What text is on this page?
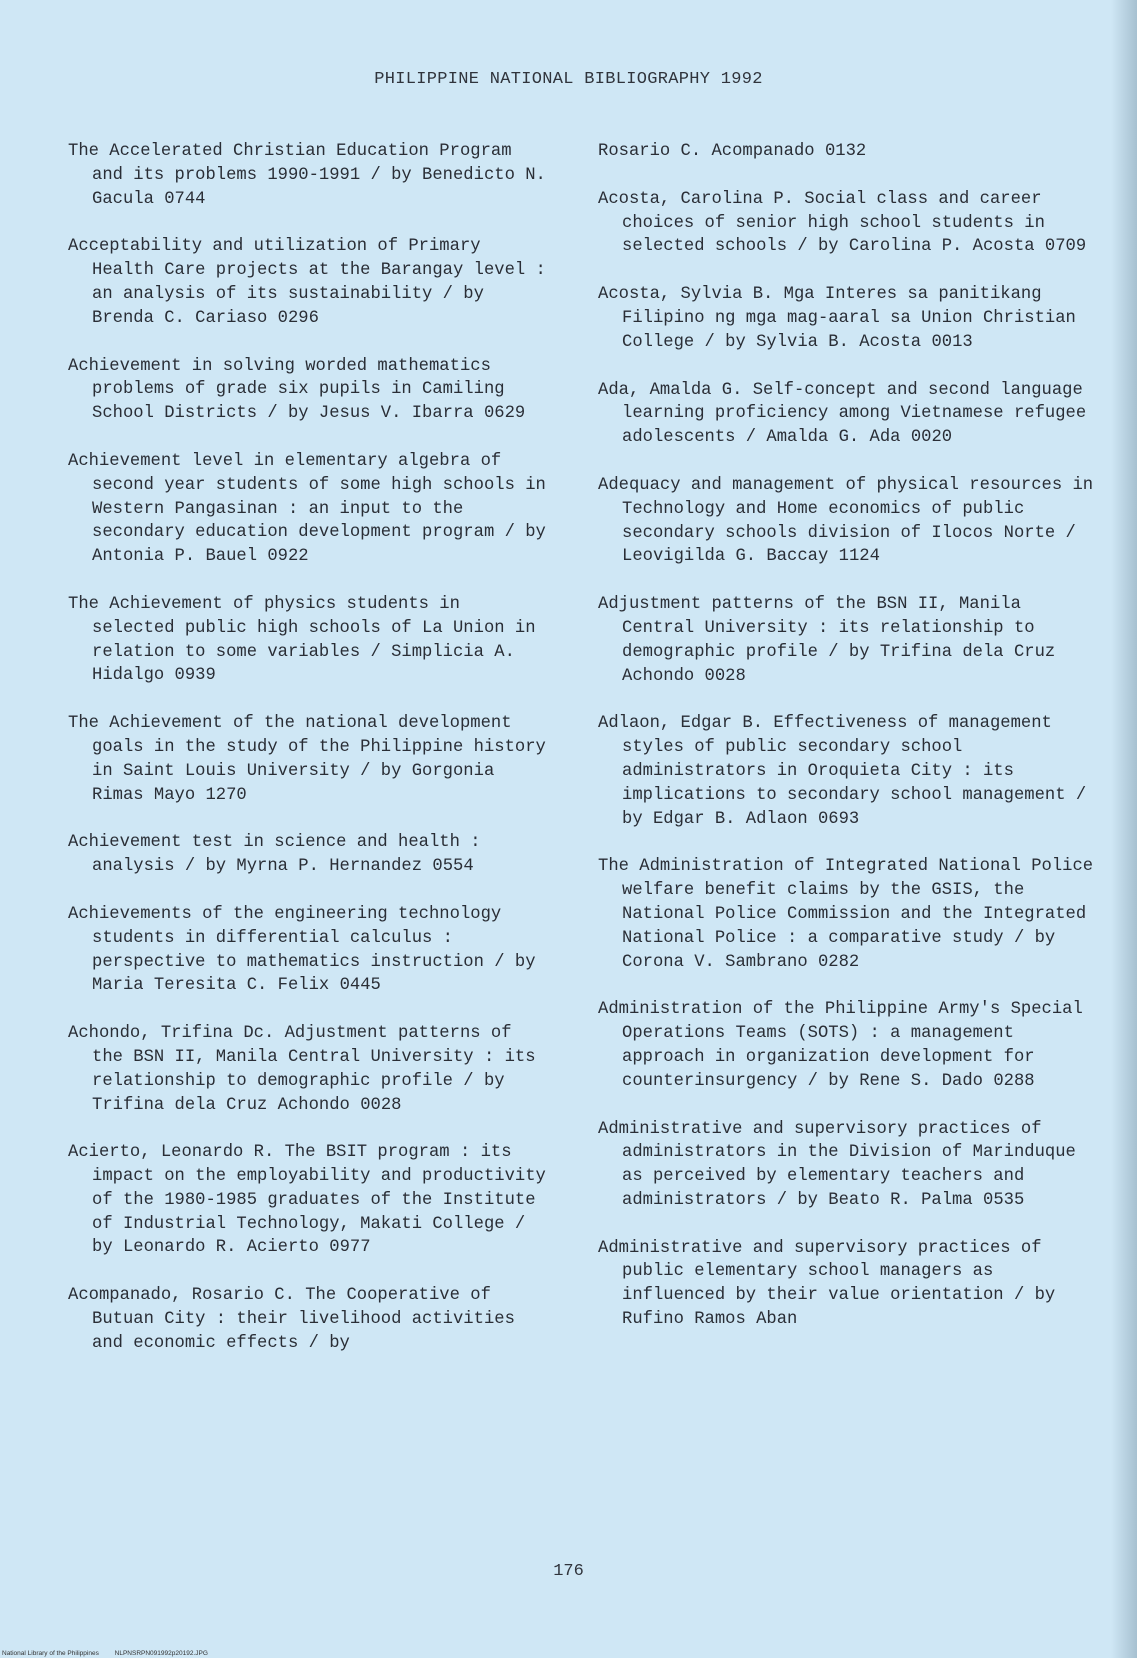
PHILIPPINE NATIONAL BIBLIOGRAPHY 1992

The Accelerated Christian Education Program and its problems 1990-1991 / by Benedicto N. Gacula 0744

Acceptability and utilization of Primary Health Care projects at the Barangay level : an analysis of its sustainability / by Brenda C. Cariaso 0296

Achievement in solving worded mathematics problems of grade six pupils in Camiling School Districts / by Jesus V. Ibarra 0629

Achievement level in elementary algebra of second year students of some high schools in Western Pangasinan : an input to the secondary education development program / by Antonia P. Bauel 0922

The Achievement of physics students in selected public high schools of La Union in relation to some variables / Simplicia A. Hidalgo 0939

The Achievement of the national development goals in the study of the Philippine history in Saint Louis University / by Gorgonia Rimas Mayo 1270

Achievement test in science and health : analysis / by Myrna P. Hernandez 0554

Achievements of the engineering technology students in differential calculus : perspective to mathematics instruction / by Maria Teresita C. Felix 0445

Achondo, Trifina Dc. Adjustment patterns of the BSN II, Manila Central University : its relationship to demographic profile / by Trifina dela Cruz Achondo 0028

Acierto, Leonardo R. The BSIT program : its impact on the employability and productivity of the 1980-1985 graduates of the Institute of Industrial Technology, Makati College / by Leonardo R. Acierto 0977

Acompanado, Rosario C. The Cooperative of Butuan City : their livelihood activities and economic effects / by

Rosario C. Acompanado 0132

Acosta, Carolina P. Social class and career choices of senior high school students in selected schools / by Carolina P. Acosta 0709

Acosta, Sylvia B. Mga Interes sa panitikang Filipino ng mga mag-aaral sa Union Christian College / by Sylvia B. Acosta 0013

Ada, Amalda G. Self-concept and second language learning proficiency among Vietnamese refugee adolescents / Amalda G. Ada 0020

Adequacy and management of physical resources in Technology and Home economics of public secondary schools division of Ilocos Norte / Leovigilda G. Baccay 1124

Adjustment patterns of the BSN II, Manila Central University : its relationship to demographic profile / by Trifina dela Cruz Achondo 0028

Adlaon, Edgar B. Effectiveness of management styles of public secondary school administrators in Oroquieta City : its implications to secondary school management / by Edgar B. Adlaon 0693

The Administration of Integrated National Police welfare benefit claims by the GSIS, the National Police Commission and the Integrated National Police : a comparative study / by Corona V. Sambrano 0282

Administration of the Philippine Army's Special Operations Teams (SOTS) : a management approach in organization development for counterinsurgency / by Rene S. Dado 0288

Administrative and supervisory practices of administrators in the Division of Marinduque as perceived by elementary teachers and administrators / by Beato R. Palma 0535

Administrative and supervisory practices of public elementary school managers as influenced by their value orientation / by Rufino Ramos Aban

176
National Library of the Philippines NLPNSRPN091992p20192.JPG
